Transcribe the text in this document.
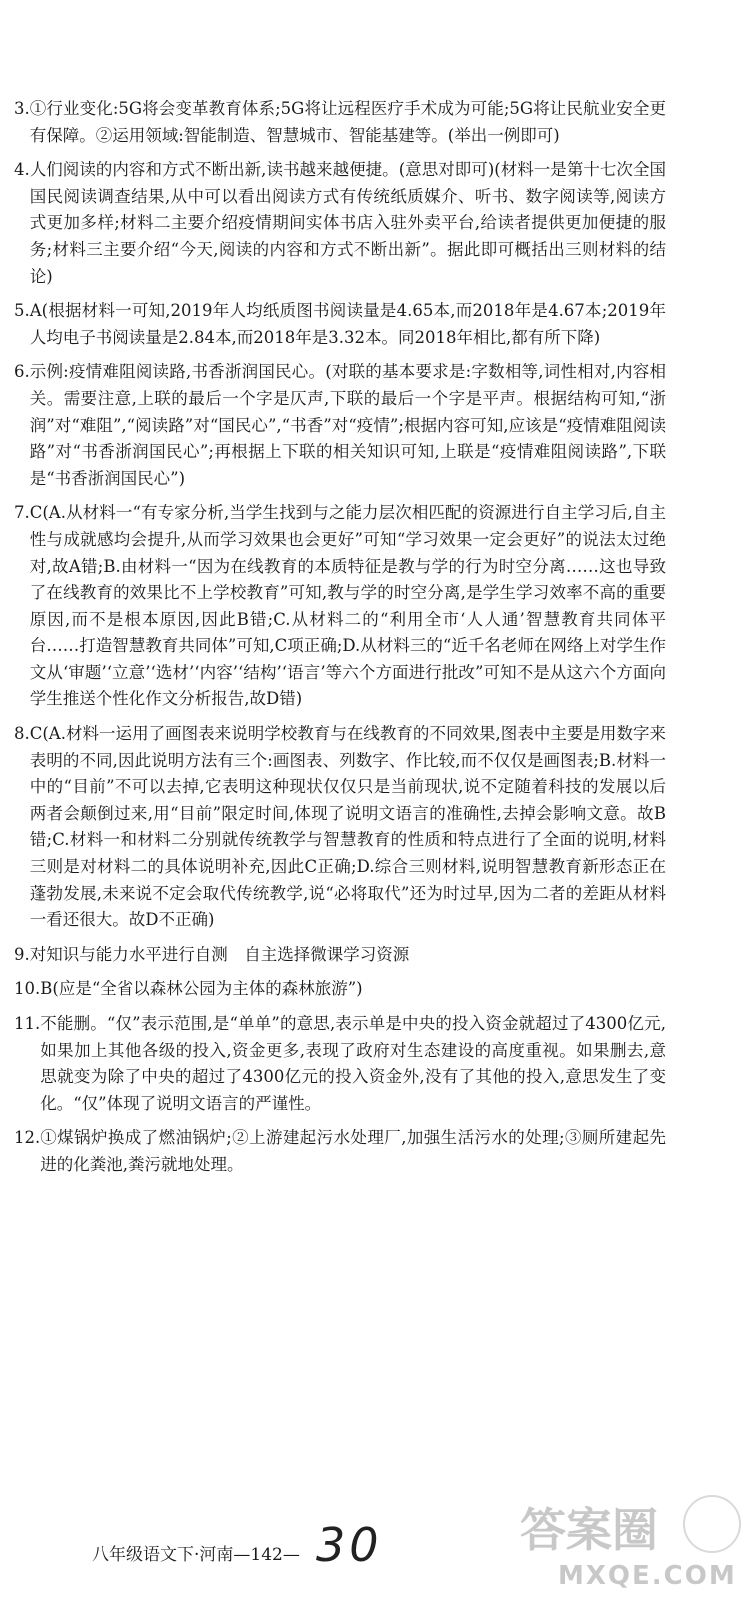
3. ①行业变化:5G将会变革教育体系;5G将让远程医疗手术成为可能;5G将让民航业安全更有保障。②运用领域:智能制造、智慧城市、智能基建等。(举出一例即可)
4. 人们阅读的内容和方式不断出新,读书越来越便捷。(意思对即可)(材料一是第十七次全国国民阅读调查结果,从中可以看出阅读方式有传统纸质媒介、听书、数字阅读等,阅读方式更加多样;材料二主要介绍疫情期间实体书店入驻外卖平台,给读者提供更加便捷的服务;材料三主要介绍“今天,阅读的内容和方式不断出新”。据此即可概括出三则材料的结论)
5. A(根据材料一可知,2019年人均纸质图书阅读量是4.65本,而2018年是4.67本;2019年人均电子书阅读量是2.84本,而2018年是3.32本。同2018年相比,都有所下降)
6. 示例:疫情难阻阅读路,书香浙润国民心。(对联的基本要求是:字数相等,词性相对,内容相关。需要注意,上联的最后一个字是仄声,下联的最后一个字是平声。根据结构可知,“浙润”对“难阻”,“阅读路”对“国民心”,“书香”对“疫情”;根据内容可知,应该是“疫情难阻阅读路”对“书香浙润国民心”;再根据上下联的相关知识可知,上联是“疫情难阻阅读路”,下联是“书香浙润国民心”)
7. C(A.从材料一“有专家分析,当学生找到与之能力层次相匹配的资源进行自主学习后,自主性与成就感均会提升,从而学习效果也会更好”可知“学习效果一定会更好”的说法太过绝对,故A错;B.由材料一“因为在线教育的本质特征是教与学的行为时空分离……这也导致了在线教育的效果比不上学校教育”可知,教与学的时空分离,是学生学习效率不高的重要原因,而不是根本原因,因此B错;C.从材料二的“利用全市‘人人通’智慧教育共同体平台……打造智慧教育共同体”可知,C项正确;D.从材料三的“近千名老师在网络上对学生作文从‘审题’‘立意’‘选材’‘内容’‘结构’‘语言’等六个方面进行批改”可知不是从这六个方面向学生推送个性化作文分析报告,故D错)
8. C(A.材料一运用了画图表来说明学校教育与在线教育的不同效果,图表中主要是用数字来表明的不同,因此说明方法有三个:画图表、列数字、作比较,而不仅仅是画图表;B.材料一中的“目前”不可以去掉,它表明这种现状仅仅只是当前现状,说不定随着科技的发展以后两者会颠倒过来,用“目前”限定时间,体现了说明文语言的准确性,去掉会影响文意。故B错;C.材料一和材料二分别就传统教学与智慧教育的性质和特点进行了全面的说明,材料三则是对材料二的具体说明补充,因此C正确;D.综合三则材料,说明智慧教育新形态正在蓬勃发展,未来说不定会取代传统教学,说“必将取代”还为时过早,因为二者的差距从材料一看还很大。故D不正确)
9. 对知识与能力水平进行自测　自主选择微课学习资源
10. B(应是“全省以森林公园为主体的森林旅游”)
11. 不能删。“仅”表示范围,是“单单”的意思,表示单是中央的投入资金就超过了4300亿元,如果加上其他各级的投入,资金更多,表现了政府对生态建设的高度重视。如果删去,意思就变为除了中央的超过了4300亿元的投入资金外,没有了其他的投入,意思发生了变化。“仅”体现了说明文语言的严谨性。
12. ①煤锅炉换成了燃油锅炉;②上游建起污水处理厂,加强生活污水的处理;③厕所建起先进的化粪池,粪污就地处理。
八年级语文下·河南—142— 30	答案圈
MXQE.COM
